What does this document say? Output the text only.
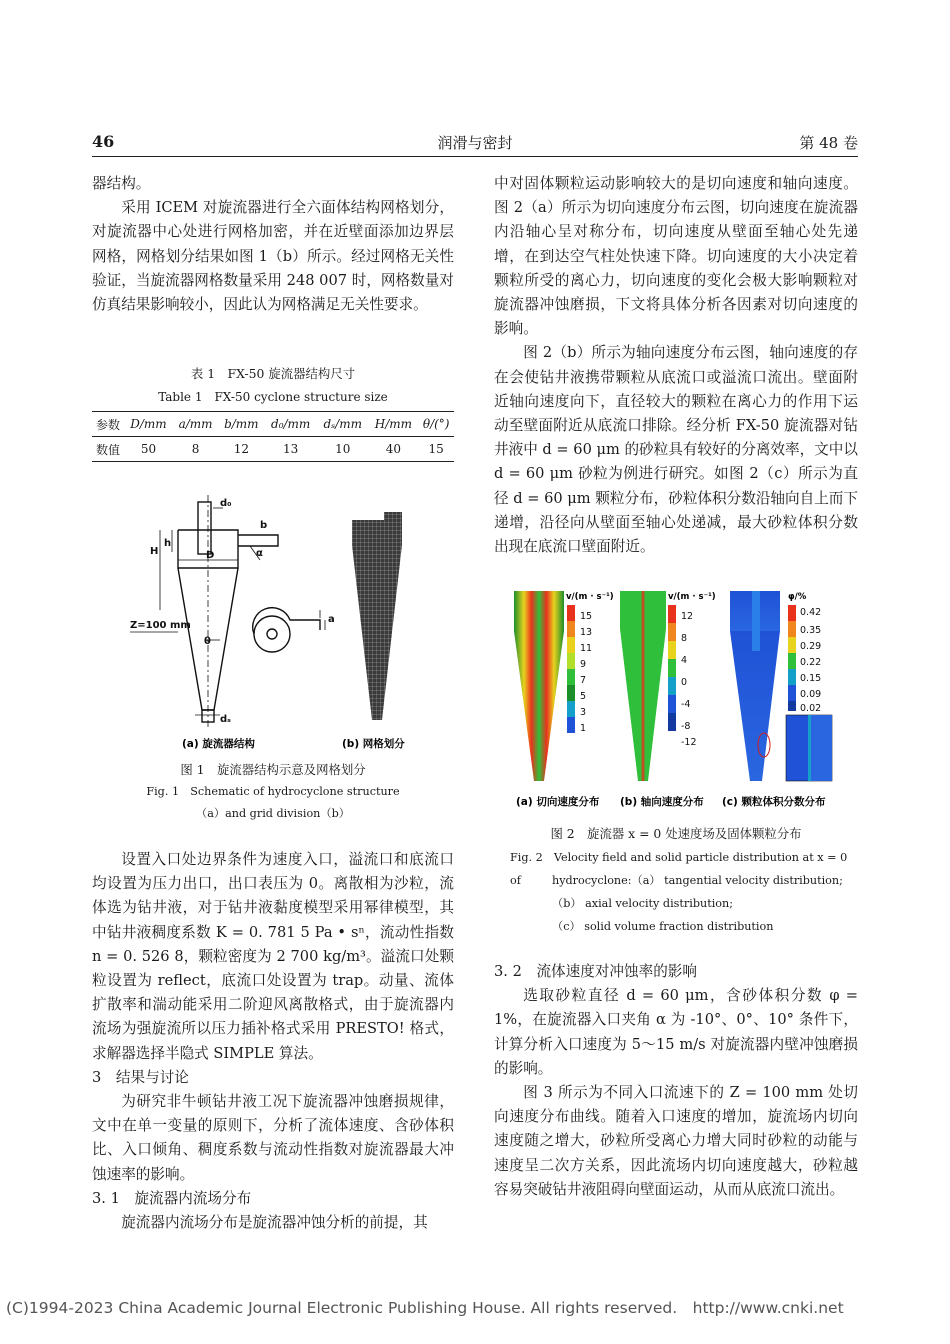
46	润滑与密封	第 48 卷

器结构。

采用 ICEM 对旋流器进行全六面体结构网格划分，对旋流器中心处进行网格加密，并在近壁面添加边界层网格，网格划分结果如图 1（b）所示。经过网格无关性验证，当旋流器网格数量采用 248 007 时，网格数量对仿真结果影响较小，因此认为网格满足无关性要求。

表 1　FX-50 旋流器结构尺寸
Table 1　FX-50 cyclone structure size
参数	D/mm	a/mm	b/mm	d₀/mm	dₛ/mm	H/mm	θ/(°)
数值	50	8	12	13	10	40	15
d₀
b
h
D	α
H
a
Z=100 mm
θ
dₛ
(a) 旋流器结构	(b) 网格划分
图 1　旋流器结构示意及网格划分
Fig. 1　Schematic of hydrocyclone structure
（a）and grid division（b）

设置入口处边界条件为速度入口，溢流口和底流口均设置为压力出口，出口表压为 0。离散相为沙粒，流体选为钻井液，对于钻井液黏度模型采用幂律模型，其中钻井液稠度系数 K = 0. 781 5 Pa • sⁿ，流动性指数 n = 0. 526 8，颗粒密度为 2 700 kg/m³。溢流口处颗粒设置为 reflect，底流口处设置为 trap。动量、流体扩散率和湍动能采用二阶迎风离散格式，由于旋流器内流场为强旋流所以压力插补格式采用 PRESTO! 格式，求解器选择半隐式 SIMPLE 算法。

3　结果与讨论

为研究非牛顿钻井液工况下旋流器冲蚀磨损规律，文中在单一变量的原则下，分析了流体速度、含砂体积比、入口倾角、稠度系数与流动性指数对旋流器最大冲蚀速率的影响。

3. 1　旋流器内流场分布

旋流器内流场分布是旋流器冲蚀分析的前提，其

中对固体颗粒运动影响较大的是切向速度和轴向速度。图 2（a）所示为切向速度分布云图，切向速度在旋流器内沿轴心呈对称分布，切向速度从壁面至轴心处先递增，在到达空气柱处快速下降。切向速度的大小决定着颗粒所受的离心力，切向速度的变化会极大影响颗粒对旋流器冲蚀磨损，下文将具体分析各因素对切向速度的影响。

图 2（b）所示为轴向速度分布云图，轴向速度的存在会使钻井液携带颗粒从底流口或溢流口流出。壁面附近轴向速度向下，直径较大的颗粒在离心力的作用下运动至壁面附近从底流口排除。经分析 FX-50 旋流器对钻井液中 d = 60 μm 的砂粒具有较好的分离效率，文中以 d = 60 μm 砂粒为例进行研究。如图 2（c）所示为直径 d = 60 μm 颗粒分布，砂粒体积分数沿轴向自上而下递增，沿径向从壁面至轴心处递减，最大砂粒体积分数出现在底流口壁面附近。

v/(m · s⁻¹)
15
13
11
9
7
5
3
1
v/(m · s⁻¹)
12
8
4
0
-4
-8
-12
φ/%
0.42
0.35
0.29
0.22
0.15
0.09
0.02
(a) 切向速度分布 (b) 轴向速度分布 (c) 颗粒体积分数分布
图 2　旋流器 x = 0 处速度场及固体颗粒分布
Fig. 2　Velocity field and solid particle distribution at x = 0 of	hydrocyclone:（a） tangential velocity distribution;
（b） axial velocity distribution;
（c） solid volume fraction distribution
3. 2　流体速度对冲蚀率的影响

选取砂粒直径 d = 60 μm，含砂体积分数 φ = 1%，在旋流器入口夹角 α 为 -10°、0°、10° 条件下，计算分析入口速度为 5～15 m/s 对旋流器内壁冲蚀磨损的影响。

图 3 所示为不同入口流速下的 Z = 100 mm 处切向速度分布曲线。随着入口速度的增加，旋流场内切向速度随之增大，砂粒所受离心力增大同时砂粒的动能与速度呈二次方关系，因此流场内切向速度越大，砂粒越容易突破钻井液阻碍向壁面运动，从而从底流口流出。

(C)1994-2023 China Academic Journal Electronic Publishing House. All rights reserved.　http://www.cnki.net
